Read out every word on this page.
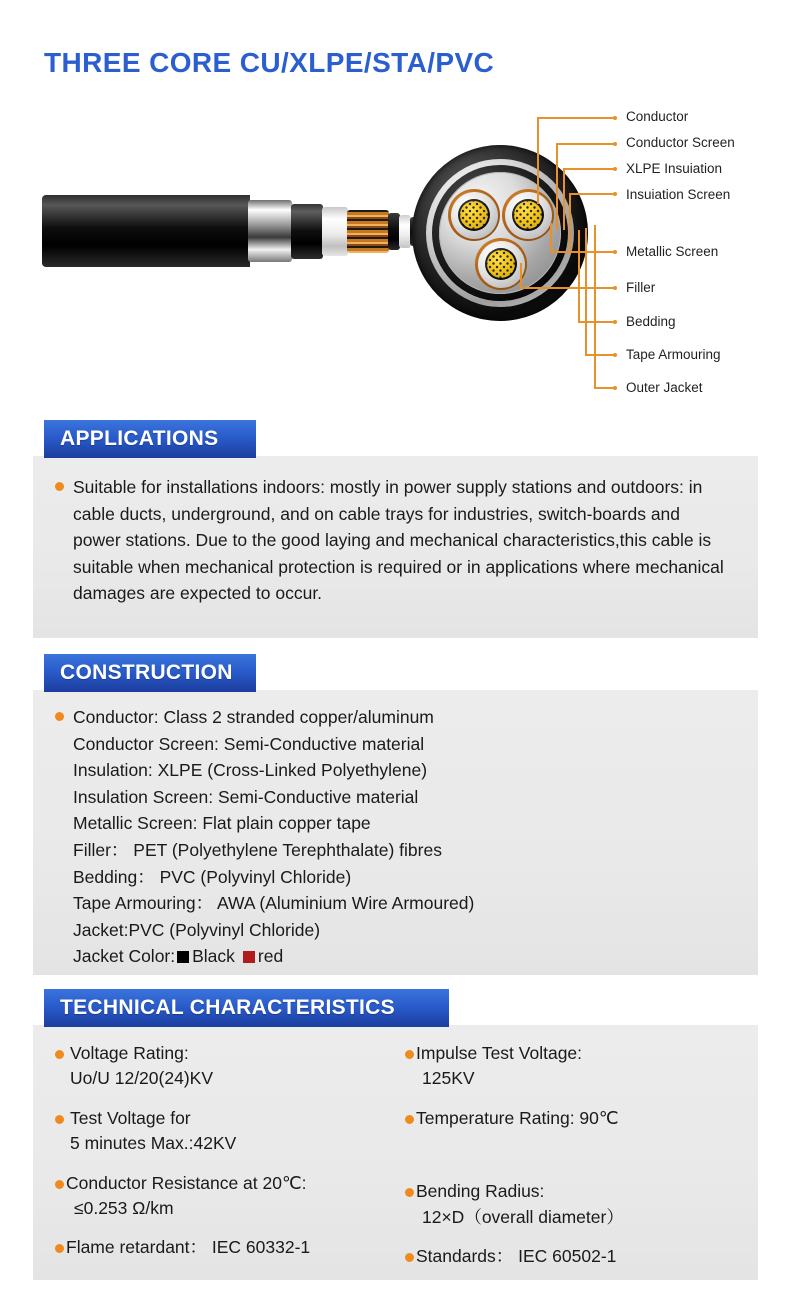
THREE CORE CU/XLPE/STA/PVC
Conductor
Conductor Screen
XLPE Insuiation
Insuiation Screen
Metallic Screen
Filler
Bedding
Tape Armouring
Outer Jacket
APPLICATIONS
Suitable for installations indoors: mostly in power supply stations and outdoors: in cable ducts, underground, and on cable trays for industries, switch-boards and power stations. Due to the good laying and mechanical characteristics,this cable is suitable when mechanical protection is required or in applications where mechanical damages are expected to occur.
CONSTRUCTION
Conductor: Class 2 stranded copper/aluminum
Conductor Screen: Semi-Conductive material
Insulation: XLPE (Cross-Linked Polyethylene)
Insulation Screen: Semi-Conductive material
Metallic Screen: Flat plain copper tape
Filler： PET (Polyethylene Terephthalate) fibres
Bedding： PVC (Polyvinyl Chloride)
Tape Armouring： AWA (Aluminium Wire Armoured)
Jacket:PVC (Polyvinyl Chloride)
Jacket Color: Black red
TECHNICAL CHARACTERISTICS
Voltage Rating:
Uo/U 12/20(24)KV
Test Voltage for
5 minutes Max.:42KV
Conductor Resistance at 20℃:
≤0.253 Ω/km
Flame retardant： IEC 60332-1
Impulse Test Voltage:
125KV
Temperature Rating: 90℃
Bending Radius:
12×D（overall diameter）
Standards： IEC 60502-1
